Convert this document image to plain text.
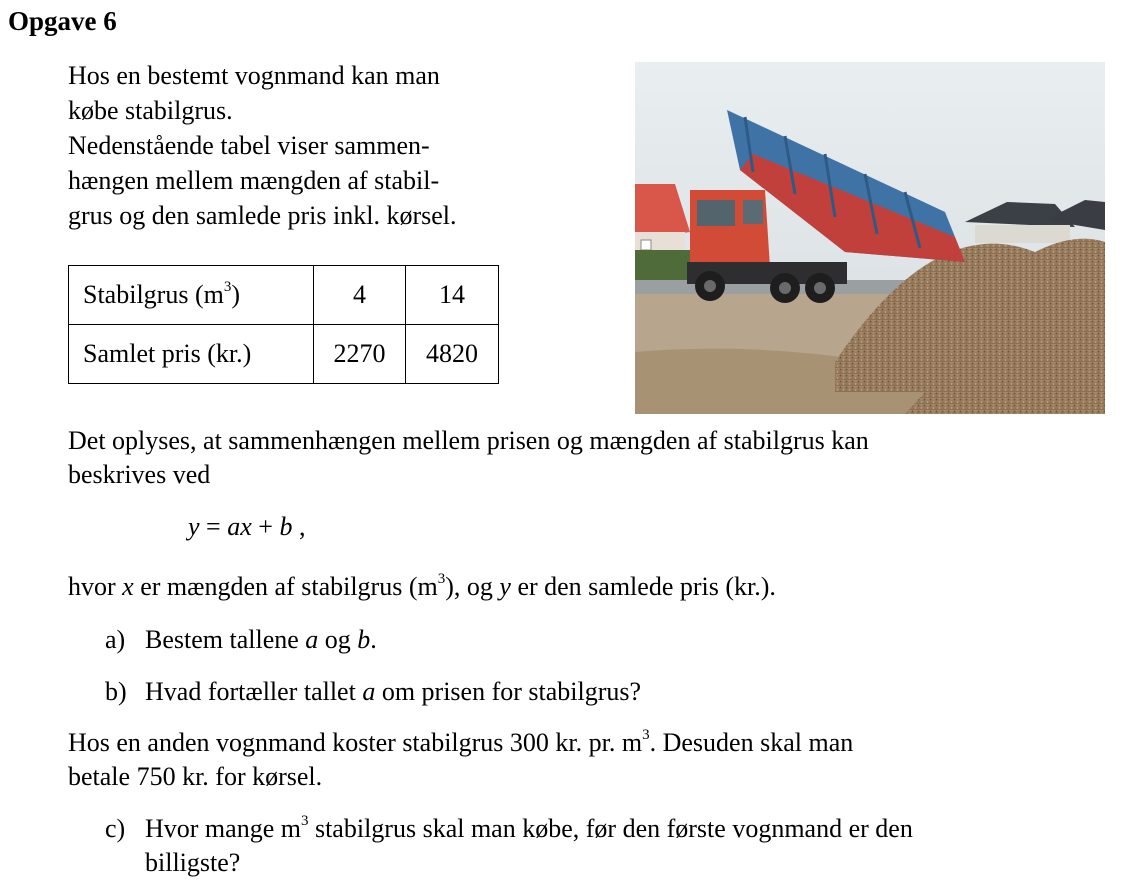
Opgave 6
Hos en bestemt vognmand kan man
købe stabilgrus.
Nedenstående tabel viser sammen-
hængen mellem mængden af stabil-
grus og den samlede pris inkl. kørsel.
Stabilgrus $(m^3)$	4	14
Samlet pris (kr.)	2270	4820
Det oplyses, at sammenhængen mellem prisen og mængden af stabilgrus kan
beskrives ved
y = ax + b ,
hvor x er mængden af stabilgrus $(m^3)$, og y er den samlede pris (kr.).
a) Bestem tallene a og b.
b) Hvad fortæller tallet a om prisen for stabilgrus?
Hos en anden vognmand koster stabilgrus 300 kr. pr. $m^3$. Desuden skal man
betale 750 kr. for kørsel.
c) Hvor mange $m^3$ stabilgrus skal man købe, før den første vognmand er den
billigste?
